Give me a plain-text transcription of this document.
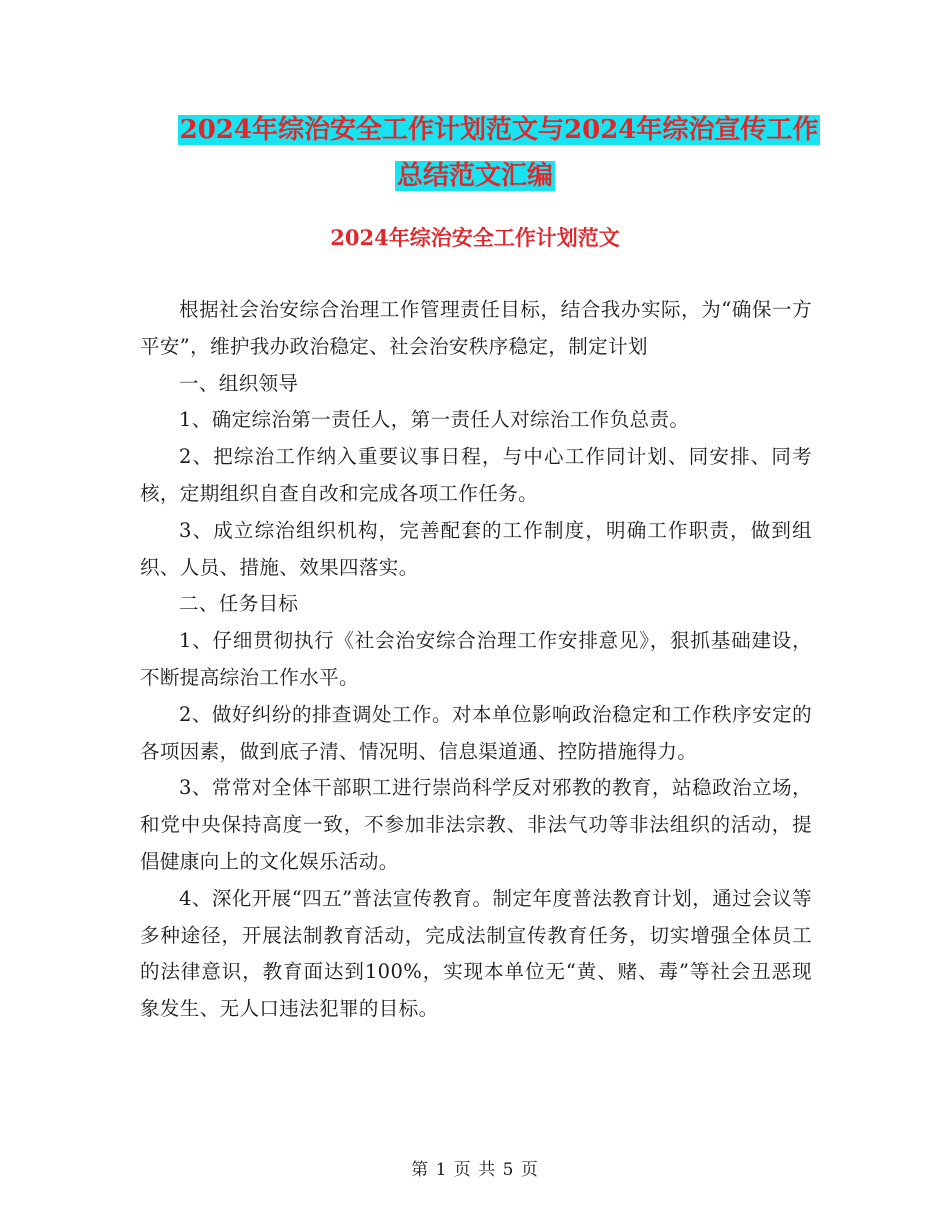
2024年综治安全工作计划范文与2024年综治宣传工作
总结范文汇编
2024年综治安全工作计划范文

根据社会治安综合治理工作管理责任目标，结合我办实际，为“确保一方平安”，维护我办政治稳定、社会治安秩序稳定，制定计划

一、组织领导

1、确定综治第一责任人，第一责任人对综治工作负总责。

2、把综治工作纳入重要议事日程，与中心工作同计划、同安排、同考核，定期组织自查自改和完成各项工作任务。

3、成立综治组织机构，完善配套的工作制度，明确工作职责，做到组织、人员、措施、效果四落实。

二、任务目标

1、仔细贯彻执行《社会治安综合治理工作安排意见》，狠抓基础建设，不断提高综治工作水平。

2、做好纠纷的排查调处工作。对本单位影响政治稳定和工作秩序安定的各项因素，做到底子清、情况明、信息渠道通、控防措施得力。

3、常常对全体干部职工进行崇尚科学反对邪教的教育，站稳政治立场，和党中央保持高度一致，不参加非法宗教、非法气功等非法组织的活动，提倡健康向上的文化娱乐活动。

4、深化开展“四五”普法宣传教育。制定年度普法教育计划，通过会议等多种途径，开展法制教育活动，完成法制宣传教育任务，切实增强全体员工的法律意识，教育面达到100%，实现本单位无“黄、赌、毒”等社会丑恶现象发生、无人口违法犯罪的目标。

第 1 页 共 5 页
